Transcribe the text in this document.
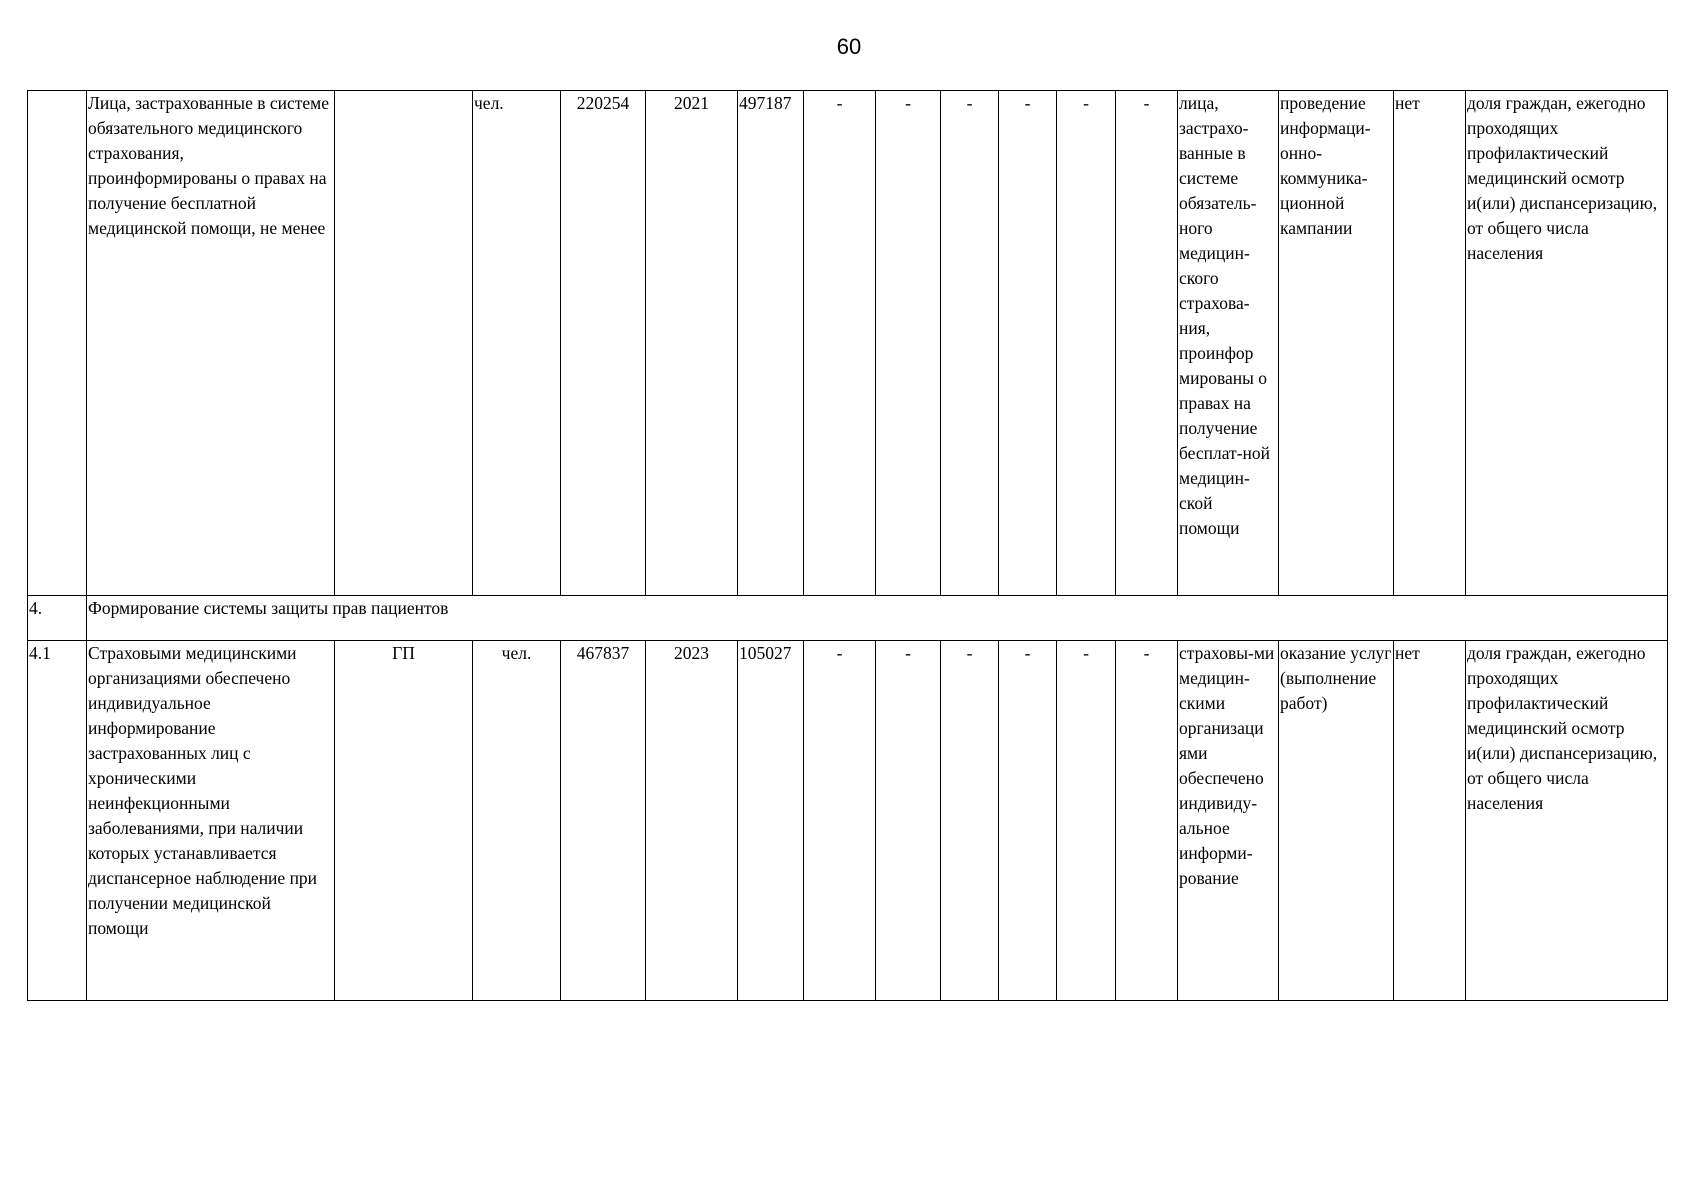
60
	Лица, застрахованные в системе обязательного медицинского страхования, проинформированы о правах на получение бесплатной медицинской помощи, не менее		чел.	220254	2021	497187	-	-	-	-	-	-	лица, застрахо-ванные в системе обязатель-ного медицин-ского страхова-ния, проинфор мированы о правах на получение бесплат-ной медицин-ской помощи	проведение информаци-онно-коммуника-ционной кампании	нет	доля граждан, ежегодно проходящих профилактический медицинский осмотр и(или) диспансеризацию, от общего числа населения
4.	Формирование системы защиты прав пациентов															
4.1	Страховыми медицинскими организациями обеспечено индивидуальное информирование застрахованных лиц с хроническими неинфекционными заболеваниями, при наличии которых устанавливается диспансерное наблюдение при получении медицинской помощи	ГП	чел.	467837	2023	105027	-	-	-	-	-	-	страховы-ми медицин-скими организаци ями обеспечено индивиду-альное информи-рование	оказание услуг (выполнение работ)	нет	доля граждан, ежегодно проходящих профилактический медицинский осмотр и(или) диспансеризацию, от общего числа населения
